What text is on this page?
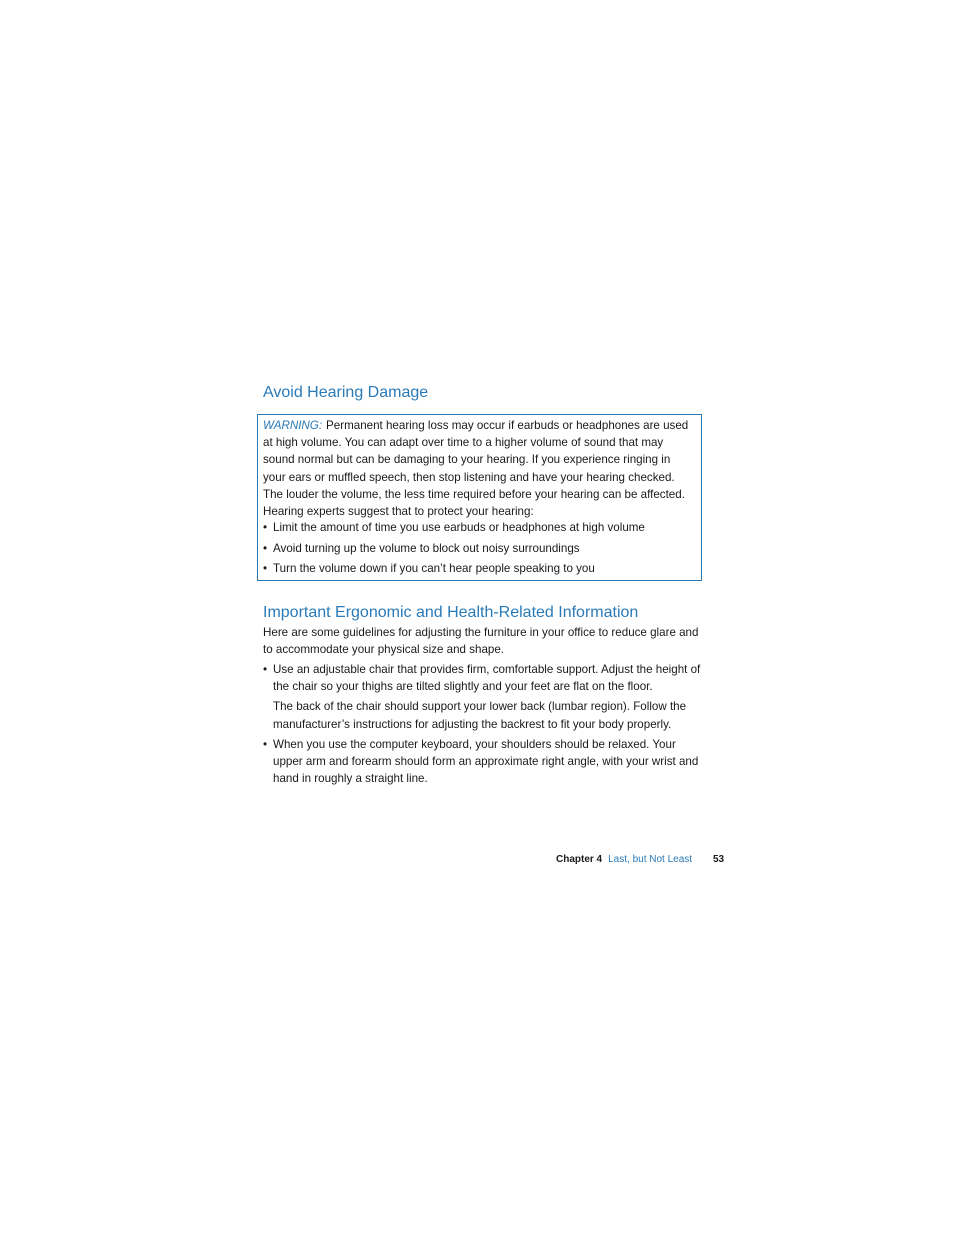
Avoid Hearing Damage

WARNING: Permanent hearing loss may occur if earbuds or headphones are used at high volume. You can adapt over time to a higher volume of sound that may sound normal but can be damaging to your hearing. If you experience ringing in your ears or muffled speech, then stop listening and have your hearing checked. The louder the volume, the less time required before your hearing can be affected. Hearing experts suggest that to protect your hearing:

• Limit the amount of time you use earbuds or headphones at high volume
• Avoid turning up the volume to block out noisy surroundings
• Turn the volume down if you can’t hear people speaking to you
Important Ergonomic and Health-Related Information

Here are some guidelines for adjusting the furniture in your office to reduce glare and to accommodate your physical size and shape.

• Use an adjustable chair that provides firm, comfortable support. Adjust the height of the chair so your thighs are tilted slightly and your feet are flat on the floor.

The back of the chair should support your lower back (lumbar region). Follow the manufacturer’s instructions for adjusting the backrest to fit your body properly.

• When you use the computer keyboard, your shoulders should be relaxed. Your upper arm and forearm should form an approximate right angle, with your wrist and hand in roughly a straight line.

Chapter 4 Last, but Not Least 53
